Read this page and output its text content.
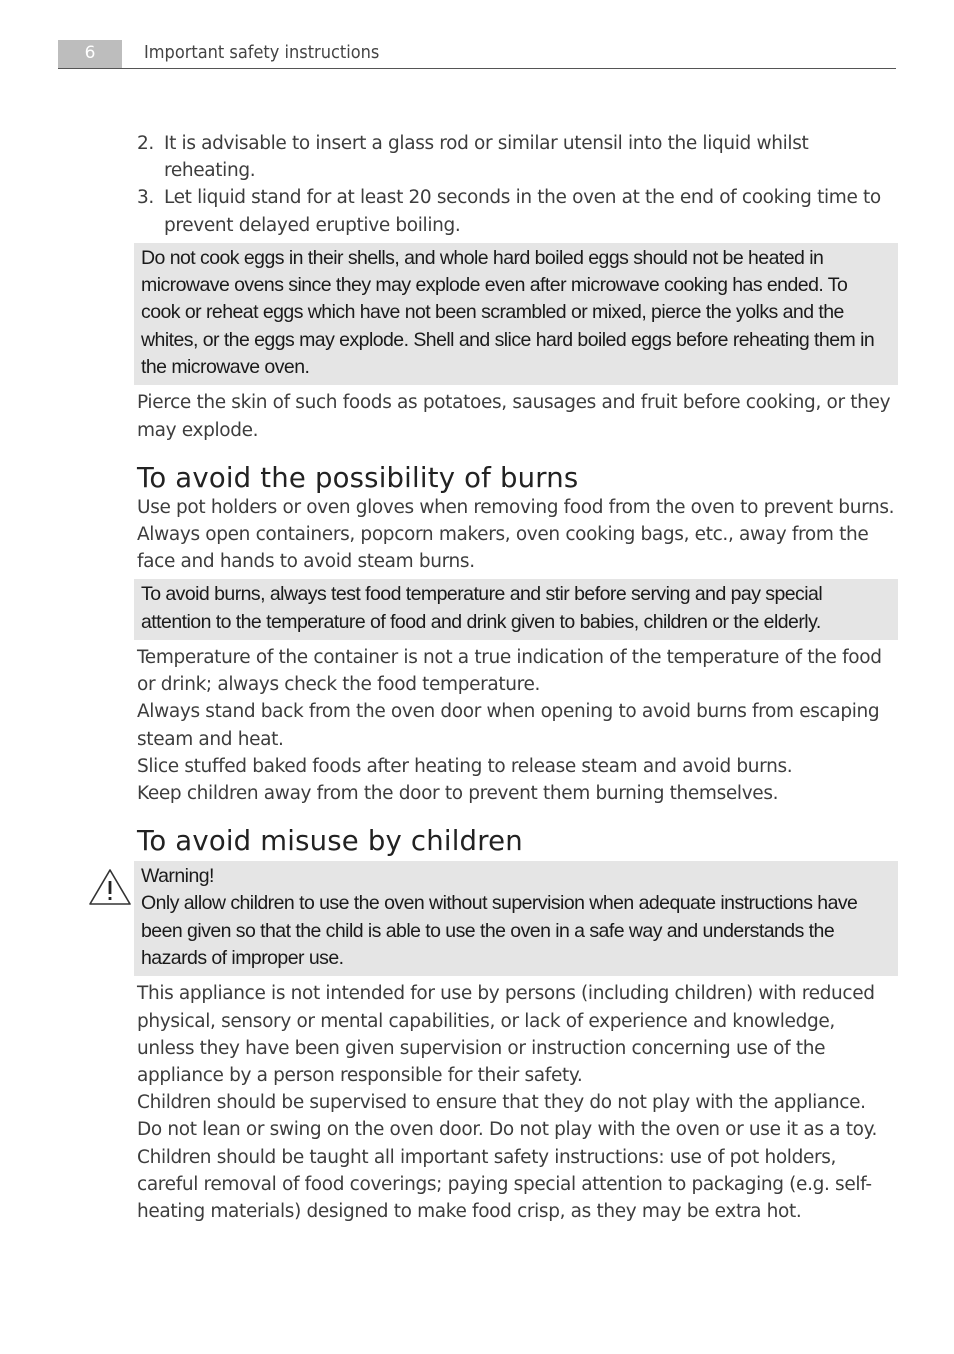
6	Important safety instructions
2. It is advisable to insert a glass rod or similar utensil into the liquid whilst reheating.
3. Let liquid stand for at least 20 seconds in the oven at the end of cooking time to prevent delayed eruptive boiling.

Do not cook eggs in their shells, and whole hard boiled eggs should not be heated in microwave ovens since they may explode even after microwave cooking has ended. To cook or reheat eggs which have not been scrambled or mixed, pierce the yolks and the whites, or the eggs may explode. Shell and slice hard boiled eggs before reheating them in the microwave oven.

Pierce the skin of such foods as potatoes, sausages and fruit before cooking, or they may explode.

To avoid the possibility of burns

Use pot holders or oven gloves when removing food from the oven to prevent burns. Always open containers, popcorn makers, oven cooking bags, etc., away from the face and hands to avoid steam burns.

To avoid burns, always test food temperature and stir before serving and pay special attention to the temperature of food and drink given to babies, children or the elderly.

Temperature of the container is not a true indication of the temperature of the food or drink; always check the food temperature.

Always stand back from the oven door when opening to avoid burns from escaping steam and heat.

Slice stuffed baked foods after heating to release steam and avoid burns.

Keep children away from the door to prevent them burning themselves.

To avoid misuse by children

Warning!

Only allow children to use the oven without supervision when adequate instructions have been given so that the child is able to use the oven in a safe way and understands the hazards of improper use.

This appliance is not intended for use by persons (including children) with reduced physical, sensory or mental capabilities, or lack of experience and knowledge, unless they have been given supervision or instruction concerning use of the appliance by a person responsible for their safety.

Children should be supervised to ensure that they do not play with the appliance.

Do not lean or swing on the oven door. Do not play with the oven or use it as a toy.

Children should be taught all important safety instructions: use of pot holders, careful removal of food coverings; paying special attention to packaging (e.g. self-heating materials) designed to make food crisp, as they may be extra hot.
